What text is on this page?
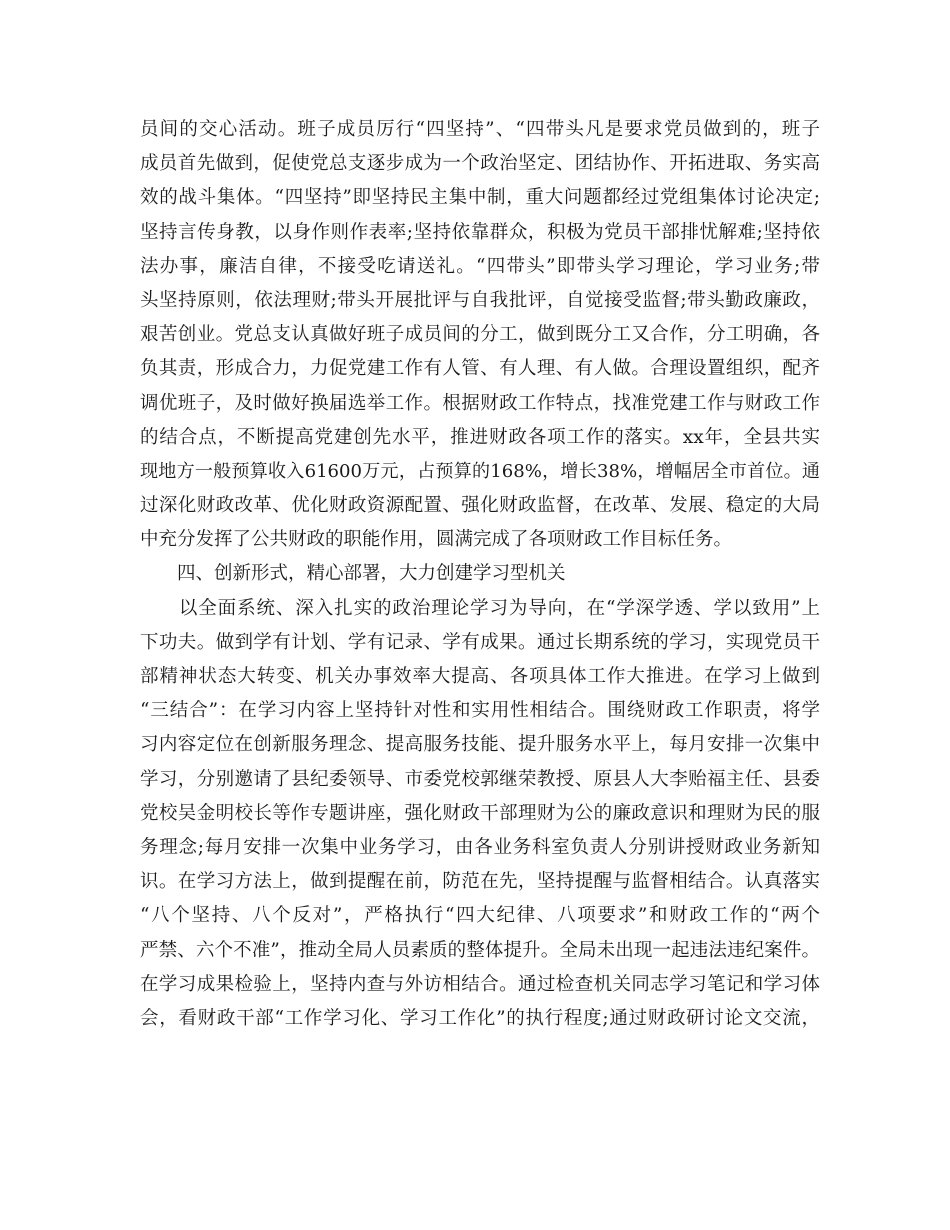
员间的交心活动。班子成员厉行“四坚持”、“四带头凡是要求党员做到的，班子
成员首先做到，促使党总支逐步成为一个政治坚定、团结协作、开拓进取、务实高
效的战斗集体。“四坚持”即坚持民主集中制，重大问题都经过党组集体讨论决定;
坚持言传身教，以身作则作表率;坚持依靠群众，积极为党员干部排忧解难;坚持依
法办事，廉洁自律，不接受吃请送礼。“四带头”即带头学习理论，学习业务;带
头坚持原则，依法理财;带头开展批评与自我批评，自觉接受监督;带头勤政廉政，
艰苦创业。党总支认真做好班子成员间的分工，做到既分工又合作，分工明确，各
负其责，形成合力，力促党建工作有人管、有人理、有人做。合理设置组织，配齐
调优班子，及时做好换届选举工作。根据财政工作特点，找准党建工作与财政工作
的结合点，不断提高党建创先水平，推进财政各项工作的落实。xx年，全县共实
现地方一般预算收入61600万元，占预算的168%，增长38%，增幅居全市首位。通
过深化财政改革、优化财政资源配置、强化财政监督，在改革、发展、稳定的大局
中充分发挥了公共财政的职能作用，圆满完成了各项财政工作目标任务。
　　四、创新形式，精心部署，大力创建学习型机关
　　以全面系统、深入扎实的政治理论学习为导向，在“学深学透、学以致用”上
下功夫。做到学有计划、学有记录、学有成果。通过长期系统的学习，实现党员干
部精神状态大转变、机关办事效率大提高、各项具体工作大推进。在学习上做到
“三结合”：在学习内容上坚持针对性和实用性相结合。围绕财政工作职责，将学
习内容定位在创新服务理念、提高服务技能、提升服务水平上，每月安排一次集中
学习，分别邀请了县纪委领导、市委党校郭继荣教授、原县人大李贻福主任、县委
党校吴金明校长等作专题讲座，强化财政干部理财为公的廉政意识和理财为民的服
务理念;每月安排一次集中业务学习，由各业务科室负责人分别讲授财政业务新知
识。在学习方法上，做到提醒在前，防范在先，坚持提醒与监督相结合。认真落实
“八个坚持、八个反对”，严格执行“四大纪律、八项要求”和财政工作的“两个
严禁、六个不准”，推动全局人员素质的整体提升。全局未出现一起违法违纪案件。
在学习成果检验上，坚持内查与外访相结合。通过检查机关同志学习笔记和学习体
会，看财政干部“工作学习化、学习工作化”的执行程度;通过财政研讨论文交流，
